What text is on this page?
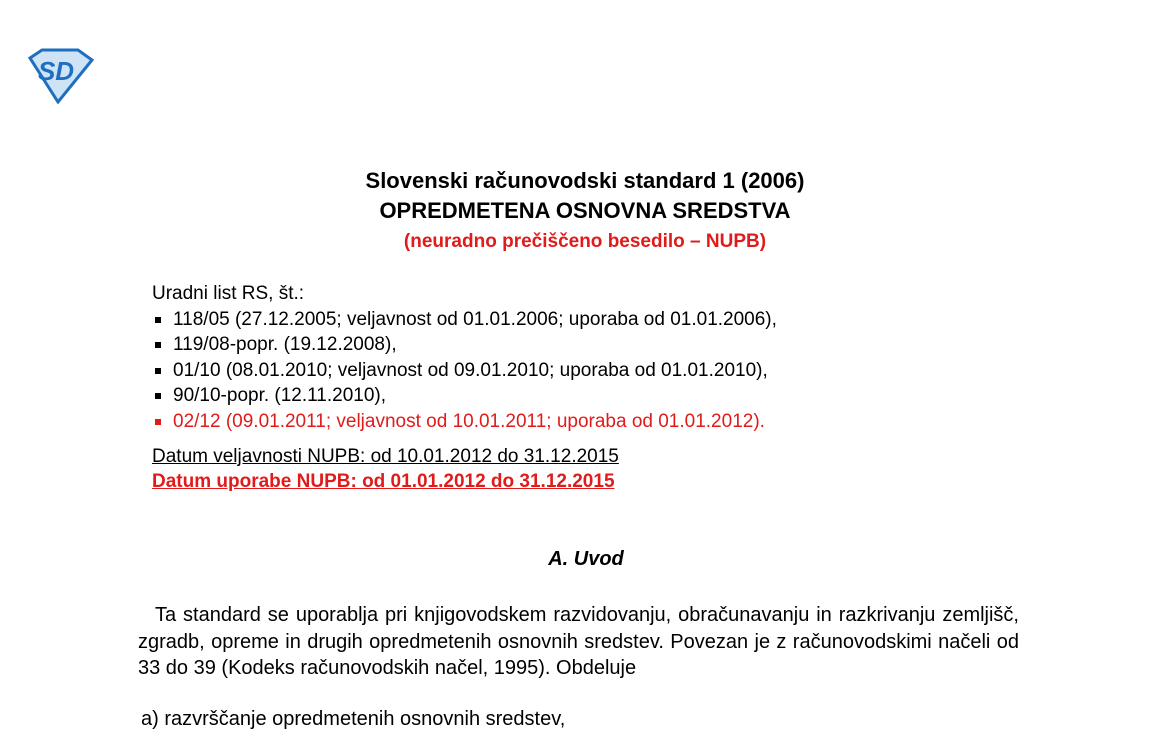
SD
Slovenski računovodski standard 1 (2006)
OPREDMETENA OSNOVNA SREDSTVA
(neuradno prečiščeno besedilo – NUPB)
Uradni list RS, št.:
118/05 (27.12.2005; veljavnost od 01.01.2006; uporaba od 01.01.2006),
119/08-popr. (19.12.2008),
01/10 (08.01.2010; veljavnost od 09.01.2010; uporaba od 01.01.2010),
90/10-popr. (12.11.2010),
02/12 (09.01.2011; veljavnost od 10.01.2011; uporaba od 01.01.2012).
Datum veljavnosti NUPB: od 10.01.2012 do 31.12.2015
Datum uporabe NUPB: od 01.01.2012 do 31.12.2015
A. Uvod
Ta standard se uporablja pri knjigovodskem razvidovanju, obračunavanju in razkrivanju zemljišč, zgradb, opreme in drugih opredmetenih osnovnih sredstev. Povezan je z računovodskimi načeli od 33 do 39 (Kodeks računovodskih načel, 1995). Obdeluje
a) razvrščanje opredmetenih osnovnih sredstev,
